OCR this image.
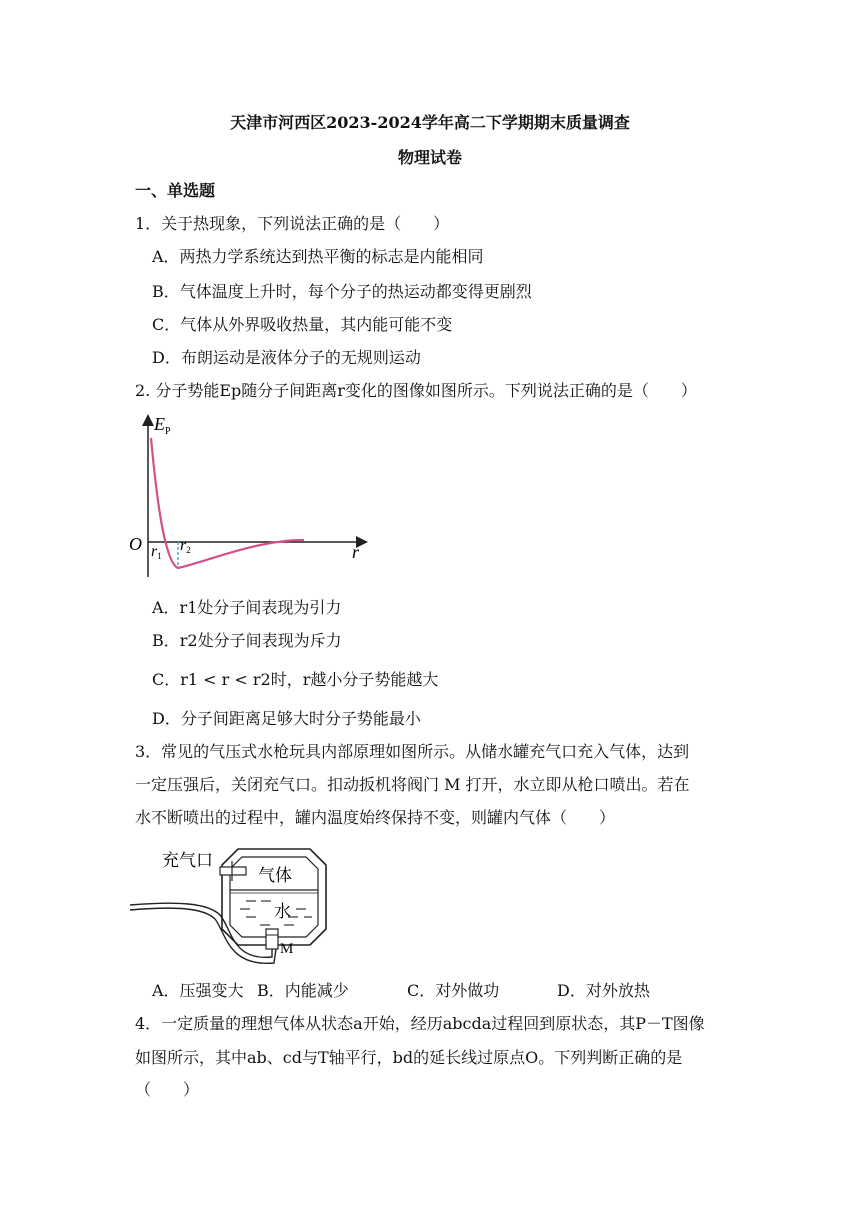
天津市河西区2023-2024学年高二下学期期末质量调查
物理试卷
一、单选题
1．关于热现象，下列说法正确的是（　　）
A．两热力学系统达到热平衡的标志是内能相同
B．气体温度上升时，每个分子的热运动都变得更剧烈
C．气体从外界吸收热量，其内能可能不变
D．布朗运动是液体分子的无规则运动
2. 分子势能Ep随分子间距离r变化的图像如图所示。下列说法正确的是（　　）
$E_P$
O	r
r1
r2
A．r1处分子间表现为引力
B．r2处分子间表现为斥力
C．r1 < r < r2时，r越小分子势能越大
D．分子间距离足够大时分子势能最小
3．常见的气压式水枪玩具内部原理如图所示。从储水罐充气口充入气体，达到
一定压强后，关闭充气口。扣动扳机将阀门 M 打开，水立即从枪口喷出。若在
水不断喷出的过程中，罐内温度始终保持不变，则罐内气体（　　）
充气口
气体
水
M
A．压强变大 B．内能减少	C．对外做功	D．对外放热
4．一定质量的理想气体从状态a开始，经历abcda过程回到原状态，其P－T图像
如图所示，其中ab、cd与T轴平行，bd的延长线过原点O。下列判断正确的是
（　　）
